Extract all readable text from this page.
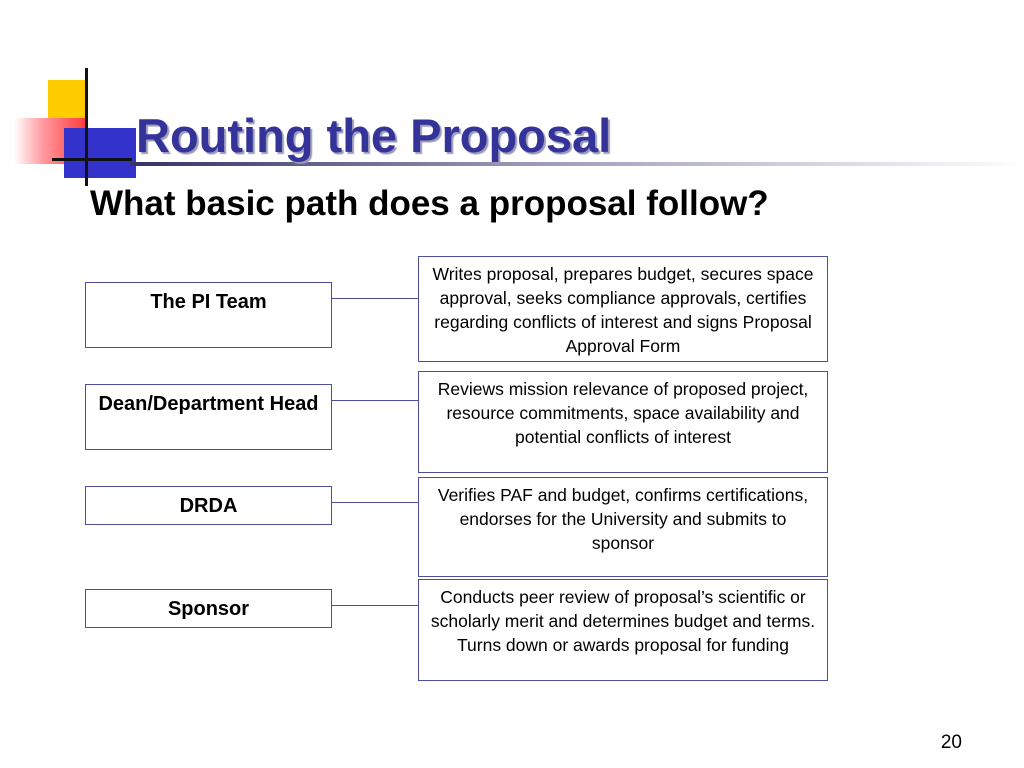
Routing the Proposal
What basic path does a proposal follow?
The PI Team
Writes proposal, prepares budget, secures space approval, seeks compliance approvals, certifies regarding conflicts of interest and signs Proposal Approval Form
Dean/Department Head
Reviews mission relevance of proposed project, resource commitments, space availability and potential conflicts of interest
DRDA	Verifies PAF and budget, confirms certifications, endorses for the University and submits to sponsor
Sponsor
Conducts peer review of proposal’s scientific or scholarly merit and determines budget and terms. Turns down or awards proposal for funding
20
